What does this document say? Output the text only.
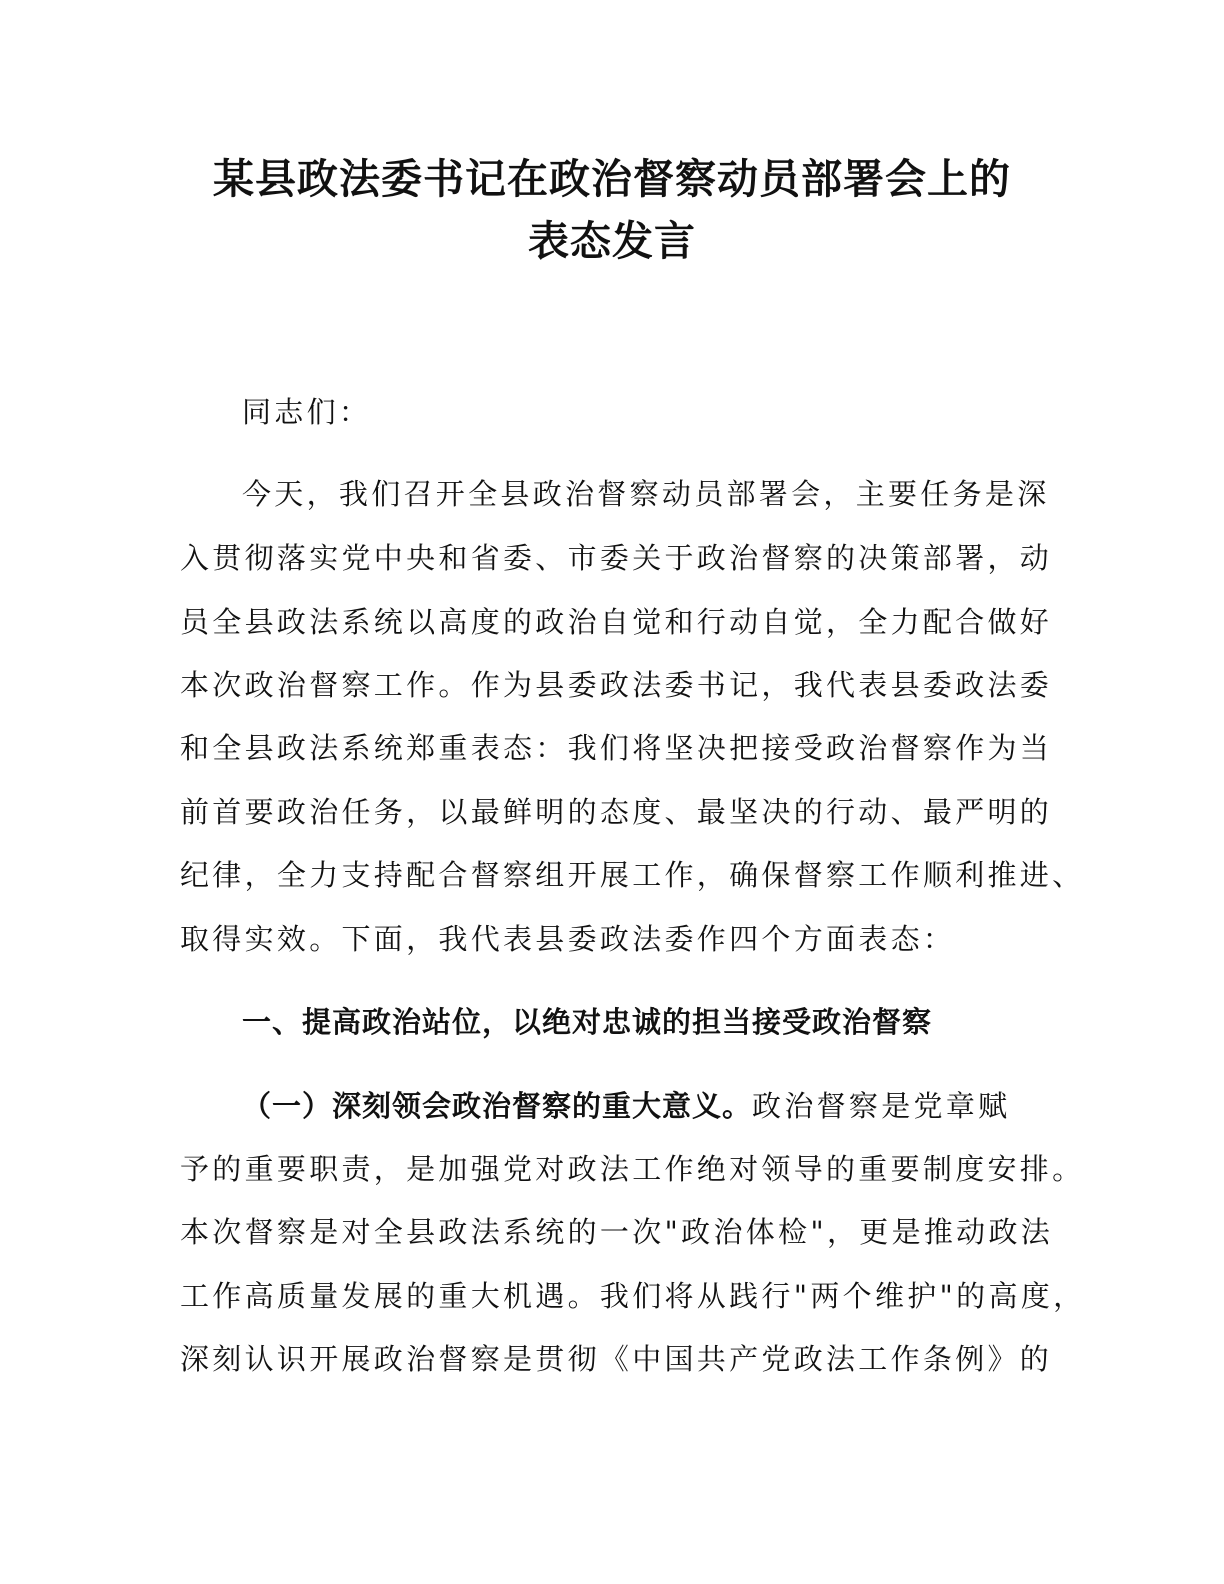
某县政法委书记在政治督察动员部署会上的
表态发言
同志们：
今天，我们召开全县政治督察动员部署会，主要任务是深
入贯彻落实党中央和省委、市委关于政治督察的决策部署，动
员全县政法系统以高度的政治自觉和行动自觉，全力配合做好
本次政治督察工作。作为县委政法委书记，我代表县委政法委
和全县政法系统郑重表态：我们将坚决把接受政治督察作为当
前首要政治任务，以最鲜明的态度、最坚决的行动、最严明的
纪律，全力支持配合督察组开展工作，确保督察工作顺利推进、
取得实效。下面，我代表县委政法委作四个方面表态：
一、提高政治站位，以绝对忠诚的担当接受政治督察
（一）深刻领会政治督察的重大意义。政治督察是党章赋
予的重要职责，是加强党对政法工作绝对领导的重要制度安排。
本次督察是对全县政法系统的一次"政治体检"，更是推动政法
工作高质量发展的重大机遇。我们将从践行"两个维护"的高度，
深刻认识开展政治督察是贯彻《中国共产党政法工作条例》的
